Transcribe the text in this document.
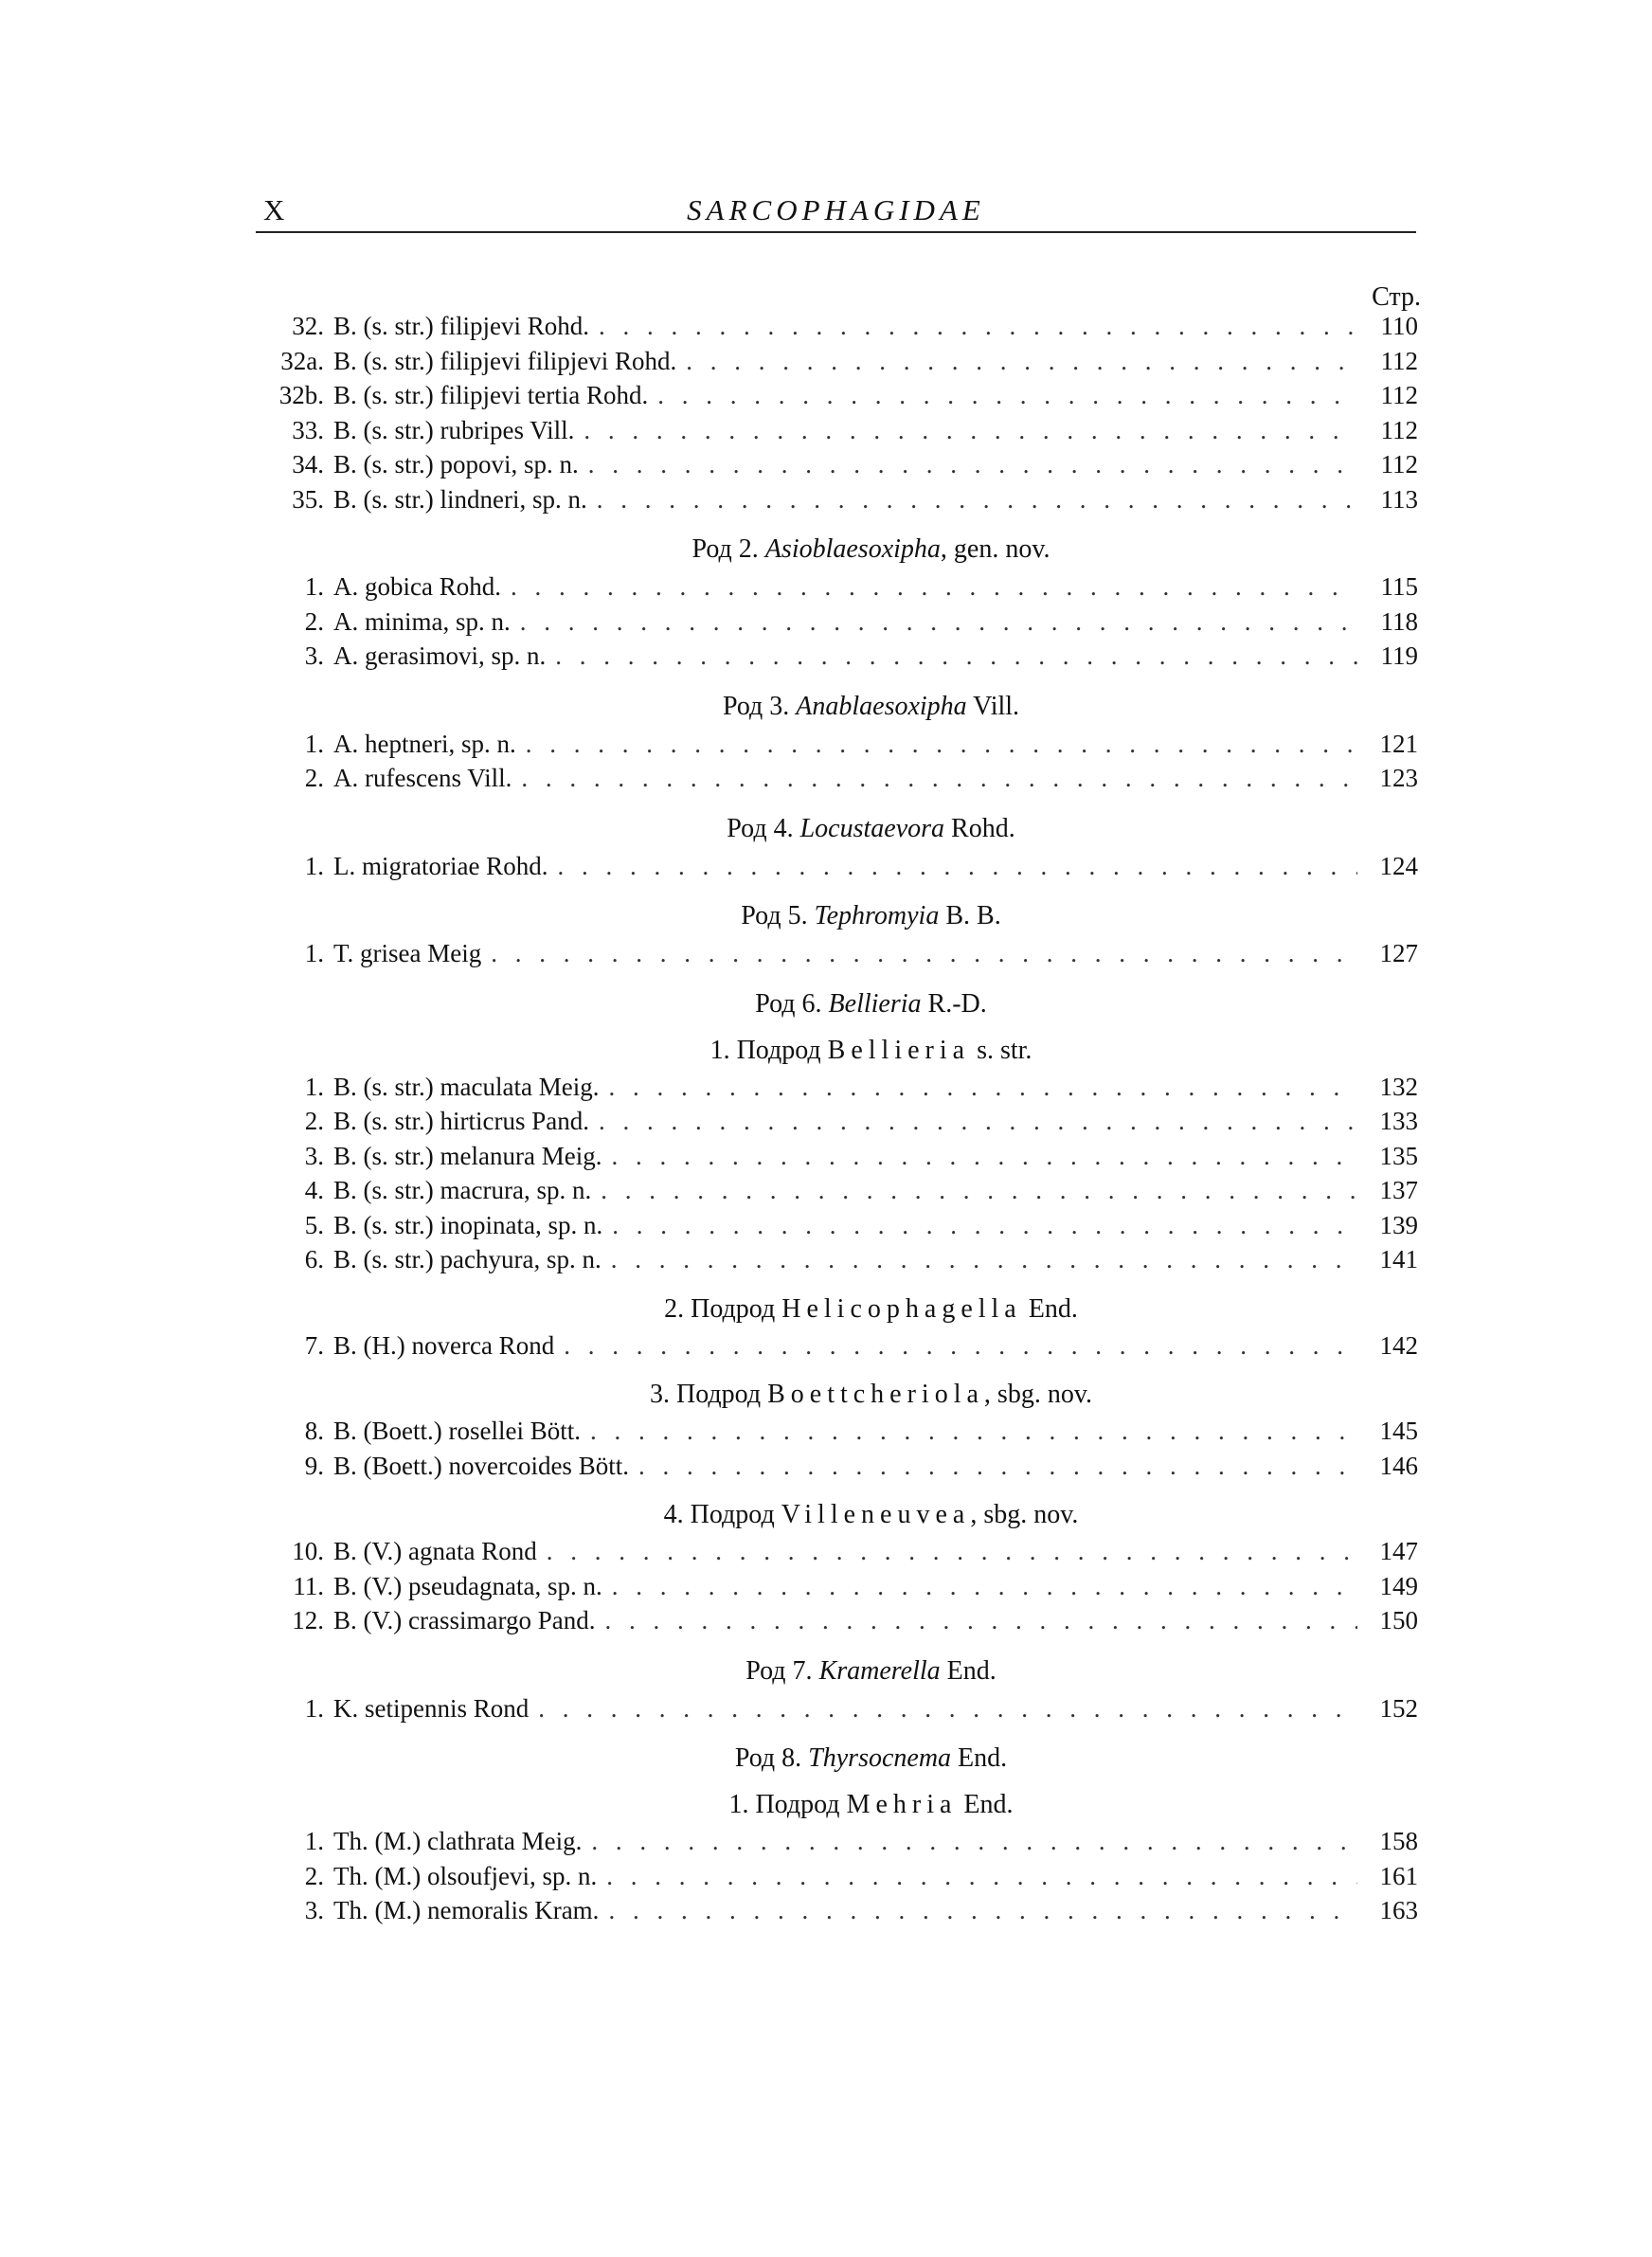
X	SARCOPHAGIDAE
Стр.
32. B. (s. str.) filipjevi Rohd. . . .	110
32a. B. (s. str.) filipjevi filipjevi Rohd. . . .	112
32b. B. (s. str.) filipjevi tertia Rohd. . . .	112
33. B. (s. str.) rubripes Vill. . . .	112
34. B. (s. str.) popovi, sp. n. . . .	112
35. B. (s. str.) lindneri, sp. n. . . .	113
Род 2. Asioblaesoxipha, gen. nov.
1. A. gobica Rohd. . . .	115
2. A. minima, sp. n. . . .	118
3. A. gerasimovi, sp. n. . . .	119
Род 3. Anablaesoxipha Vill.
1. A. heptneri, sp. n. . . .	121
2. A. rufescens Vill. . . .	123
Род 4. Locustaevora Rohd.
1. L. migratoriae Rohd. . . .	124
Род 5. Tephromyia B. B.
1. T. grisea Meig . . .	127
Род 6. Bellieria R.-D.
1. Подрод Bellieria s. str.
1. B. (s. str.) maculata Meig. . . .	132
2. B. (s. str.) hirticrus Pand. . . .	133
3. B. (s. str.) melanura Meig. . . .	135
4. B. (s. str.) macrura, sp. n. . . .	137
5. B. (s. str.) inopinata, sp. n. . . .	139
6. B. (s. str.) pachyura, sp. n. . . .	141
2. Подрод Helicophagella End.
7. B. (H.) noverca Rond . . .	142
3. Подрод Boettcheriola, sbg. nov.
8. B. (Boett.) rosellei Bött. . . .	145
9. B. (Boett.) novercoides Bött. . . .	146
4. Подрод Villeneuvea, sbg. nov.
10. B. (V.) agnata Rond . . .	147
11. B. (V.) pseudagnata, sp. n. . . .	149
12. B. (V.) crassimargo Pand. . . .	150
Род 7. Kramerella End.
1. K. setipennis Rond . . .	152
Род 8. Thyrsocnema End.
1. Подрод Mehria End.
1. Th. (M.) clathrata Meig. . . .	158
2. Th. (M.) olsoufjevi, sp. n. . . .	161
3. Th. (M.) nemoralis Kram. . . .	163
